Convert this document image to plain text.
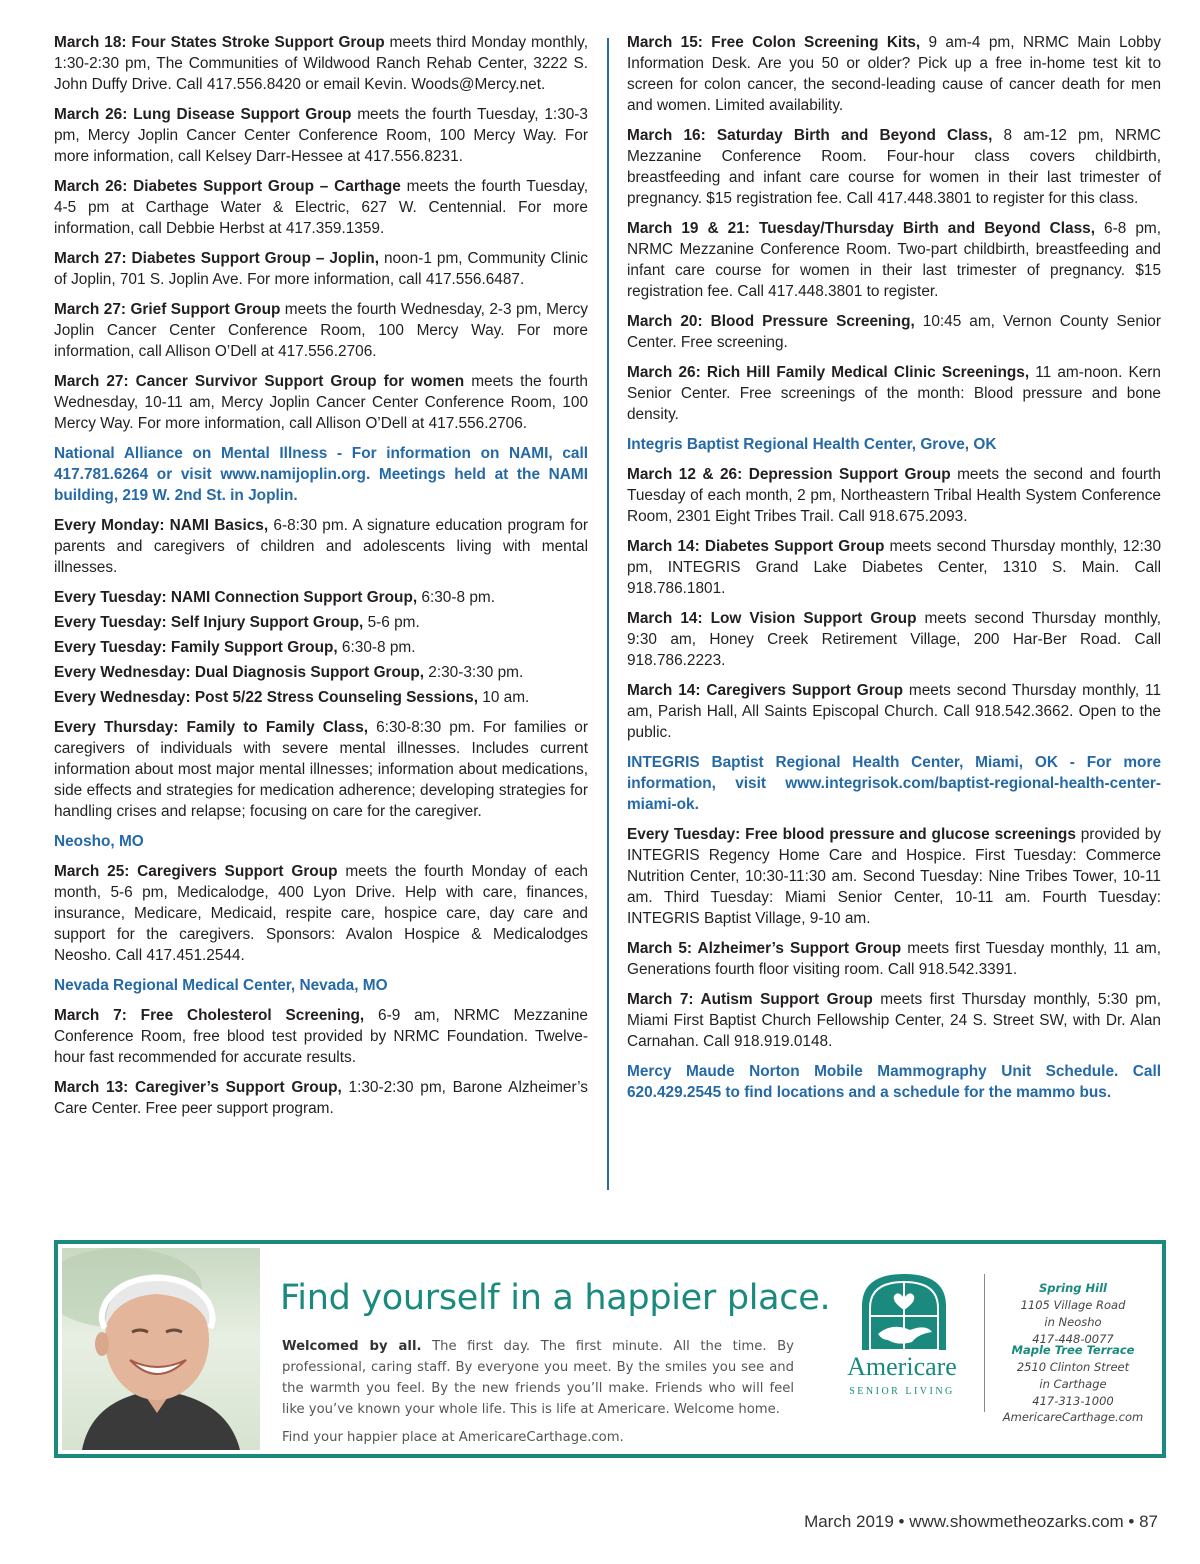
March 18: Four States Stroke Support Group meets third Monday monthly, 1:30-2:30 pm, The Communities of Wildwood Ranch Rehab Center, 3222 S. John Duffy Drive. Call 417.556.8420 or email Kevin. Woods@Mercy.net.

March 26: Lung Disease Support Group meets the fourth Tuesday, 1:30-3 pm, Mercy Joplin Cancer Center Conference Room, 100 Mercy Way. For more information, call Kelsey Darr-Hessee at 417.556.8231.

March 26: Diabetes Support Group – Carthage meets the fourth Tuesday, 4-5 pm at Carthage Water & Electric, 627 W. Centennial. For more information, call Debbie Herbst at 417.359.1359.

March 27: Diabetes Support Group – Joplin, noon-1 pm, Community Clinic of Joplin, 701 S. Joplin Ave. For more information, call 417.556.6487.

March 27: Grief Support Group meets the fourth Wednesday, 2-3 pm, Mercy Joplin Cancer Center Conference Room, 100 Mercy Way. For more information, call Allison O’Dell at 417.556.2706.

March 27: Cancer Survivor Support Group for women meets the fourth Wednesday, 10-11 am, Mercy Joplin Cancer Center Conference Room, 100 Mercy Way. For more information, call Allison O’Dell at 417.556.2706.

National Alliance on Mental Illness - For information on NAMI, call 417.781.6264 or visit www.namijoplin.org. Meetings held at the NAMI building, 219 W. 2nd St. in Joplin.

Every Monday: NAMI Basics, 6-8:30 pm. A signature education program for parents and caregivers of children and adolescents living with mental illnesses.

Every Tuesday: NAMI Connection Support Group, 6:30-8 pm.

Every Tuesday: Self Injury Support Group, 5-6 pm.

Every Tuesday: Family Support Group, 6:30-8 pm.

Every Wednesday: Dual Diagnosis Support Group, 2:30-3:30 pm.

Every Wednesday: Post 5/22 Stress Counseling Sessions, 10 am.

Every Thursday: Family to Family Class, 6:30-8:30 pm. For families or caregivers of individuals with severe mental illnesses. Includes current information about most major mental illnesses; information about medications, side effects and strategies for medication adherence; developing strategies for handling crises and relapse; focusing on care for the caregiver.

Neosho, MO

March 25: Caregivers Support Group meets the fourth Monday of each month, 5-6 pm, Medicalodge, 400 Lyon Drive. Help with care, finances, insurance, Medicare, Medicaid, respite care, hospice care, day care and support for the caregivers. Sponsors: Avalon Hospice & Medicalodges Neosho. Call 417.451.2544.

Nevada Regional Medical Center, Nevada, MO

March 7: Free Cholesterol Screening, 6-9 am, NRMC Mezzanine Conference Room, free blood test provided by NRMC Foundation. Twelve-hour fast recommended for accurate results.

March 13: Caregiver’s Support Group, 1:30-2:30 pm, Barone Alzheimer’s Care Center. Free peer support program.

March 15: Free Colon Screening Kits, 9 am-4 pm, NRMC Main Lobby Information Desk. Are you 50 or older? Pick up a free in-home test kit to screen for colon cancer, the second-leading cause of cancer death for men and women. Limited availability.

March 16: Saturday Birth and Beyond Class, 8 am-12 pm, NRMC Mezzanine Conference Room. Four-hour class covers childbirth, breastfeeding and infant care course for women in their last trimester of pregnancy. $15 registration fee. Call 417.448.3801 to register for this class.

March 19 & 21: Tuesday/Thursday Birth and Beyond Class, 6-8 pm, NRMC Mezzanine Conference Room. Two-part childbirth, breastfeeding and infant care course for women in their last trimester of pregnancy. $15 registration fee. Call 417.448.3801 to register.

March 20: Blood Pressure Screening, 10:45 am, Vernon County Senior Center. Free screening.

March 26: Rich Hill Family Medical Clinic Screenings, 11 am-noon. Kern Senior Center. Free screenings of the month: Blood pressure and bone density.

Integris Baptist Regional Health Center, Grove, OK

March 12 & 26: Depression Support Group meets the second and fourth Tuesday of each month, 2 pm, Northeastern Tribal Health System Conference Room, 2301 Eight Tribes Trail. Call 918.675.2093.

March 14: Diabetes Support Group meets second Thursday monthly, 12:30 pm, INTEGRIS Grand Lake Diabetes Center, 1310 S. Main. Call 918.786.1801.

March 14: Low Vision Support Group meets second Thursday monthly, 9:30 am, Honey Creek Retirement Village, 200 Har-Ber Road. Call 918.786.2223.

March 14: Caregivers Support Group meets second Thursday monthly, 11 am, Parish Hall, All Saints Episcopal Church. Call 918.542.3662. Open to the public.

INTEGRIS Baptist Regional Health Center, Miami, OK - For more information, visit www.integrisok.com/baptist-regional-health-center-miami-ok.

Every Tuesday: Free blood pressure and glucose screenings provided by INTEGRIS Regency Home Care and Hospice. First Tuesday: Commerce Nutrition Center, 10:30-11:30 am. Second Tuesday: Nine Tribes Tower, 10-11 am. Third Tuesday: Miami Senior Center, 10-11 am. Fourth Tuesday: INTEGRIS Baptist Village, 9-10 am.

March 5: Alzheimer’s Support Group meets first Tuesday monthly, 11 am, Generations fourth floor visiting room. Call 918.542.3391.

March 7: Autism Support Group meets first Thursday monthly, 5:30 pm, Miami First Baptist Church Fellowship Center, 24 S. Street SW, with Dr. Alan Carnahan. Call 918.919.0148.

Mercy Maude Norton Mobile Mammography Unit Schedule. Call 620.429.2545 to find locations and a schedule for the mammo bus.

Find yourself in a happier place.
Welcomed by all. The first day. The first minute. All the time. By professional, caring staff. By everyone you meet. By the smiles you see and the warmth you feel. By the new friends you’ll make. Friends who will feel like you’ve known your whole life. This is life at Americare. Welcome home.
Find your happier place at AmericareCarthage.com.
Americare
SENIOR LIVING
Spring Hill
1105 Village Road
in Neosho
417-448-0077
Maple Tree Terrace
2510 Clinton Street
in Carthage
417-313-1000
AmericareCarthage.com
March 2019 • www.showmetheozarks.com • 87
